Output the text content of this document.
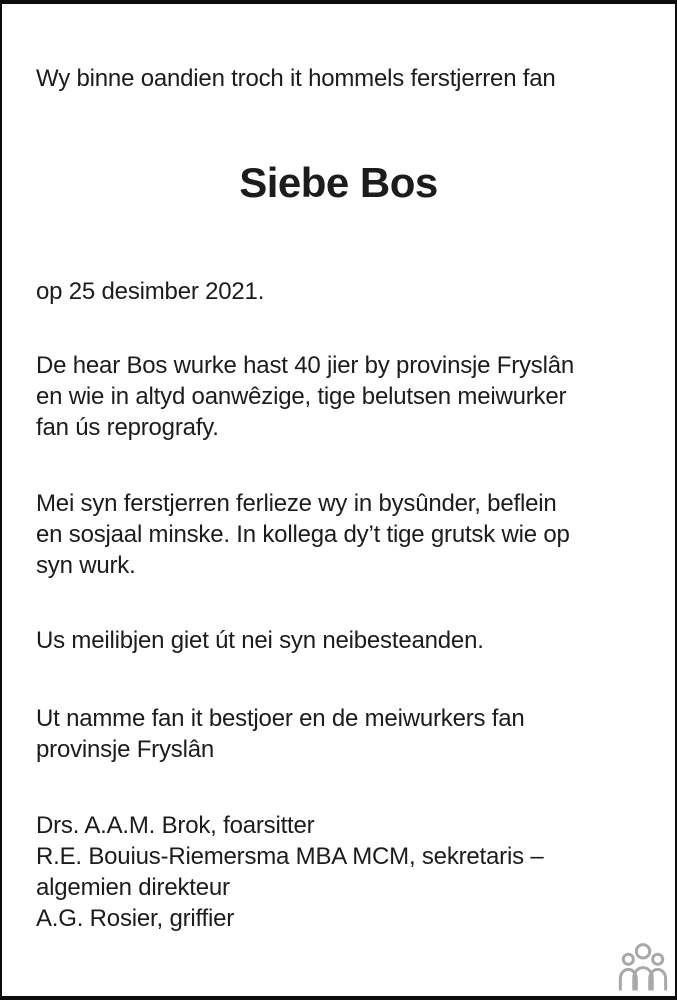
Wy binne oandien troch it hommels ferstjerren fan
Siebe Bos
op 25 desimber 2021.
De hear Bos wurke hast 40 jier by provinsje Fryslân
en wie in altyd oanwêzige, tige belutsen meiwurker
fan ús reprografy.
Mei syn ferstjerren ferlieze wy in bysûnder, beflein
en sosjaal minske. In kollega dy’t tige grutsk wie op
syn wurk.
Us meilibjen giet út nei syn neibesteanden.
Ut namme fan it bestjoer en de meiwurkers fan
provinsje Fryslân
Drs. A.A.M. Brok, foarsitter
R.E. Bouius-Riemersma MBA MCM, sekretaris –
algemien direkteur
A.G. Rosier, griffier
